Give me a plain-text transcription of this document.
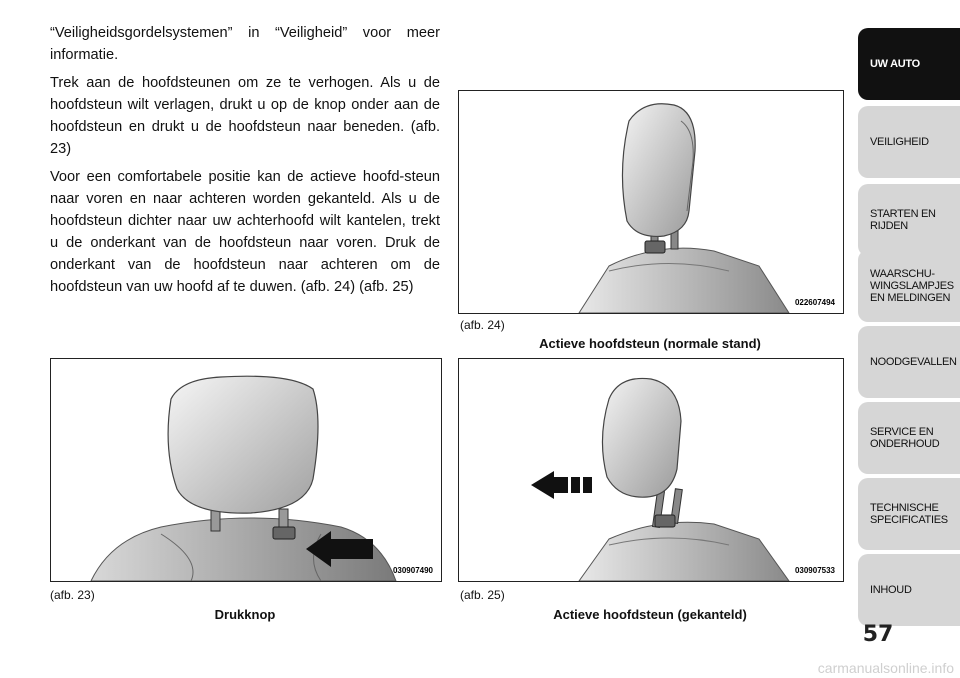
“Veiligheidsgordelsystemen” in “Veiligheid” voor meer informatie.

Trek aan de hoofdsteunen om ze te verhogen. Als u de hoofdsteun wilt verlagen, drukt u op de knop onder aan de hoofdsteun en drukt u de hoofdsteun naar beneden. (afb. 23)

Voor een comfortabele positie kan de actieve hoofd-steun naar voren en naar achteren worden gekanteld. Als u de hoofdsteun dichter naar uw achterhoofd wilt kantelen, trekt u de onderkant van de hoofdsteun naar voren. Druk de onderkant van de hoofdsteun naar achteren om de hoofdsteun van uw hoofd af te duwen. (afb. 24) (afb. 25)

022607494
(afb. 24)
Actieve hoofdsteun (normale stand)
030907490
(afb. 23)
Drukknop
030907533
(afb. 25)
Actieve hoofdsteun (gekanteld)
UW AUTO
VEILIGHEID
STARTEN EN
RIJDEN
WAARSCHU-
WINGSLAMPJES
EN MELDINGEN
NOODGEVALLEN
SERVICE EN
ONDERHOUD
TECHNISCHE
SPECIFICATIES
INHOUD
57
carmanualsonline.info
